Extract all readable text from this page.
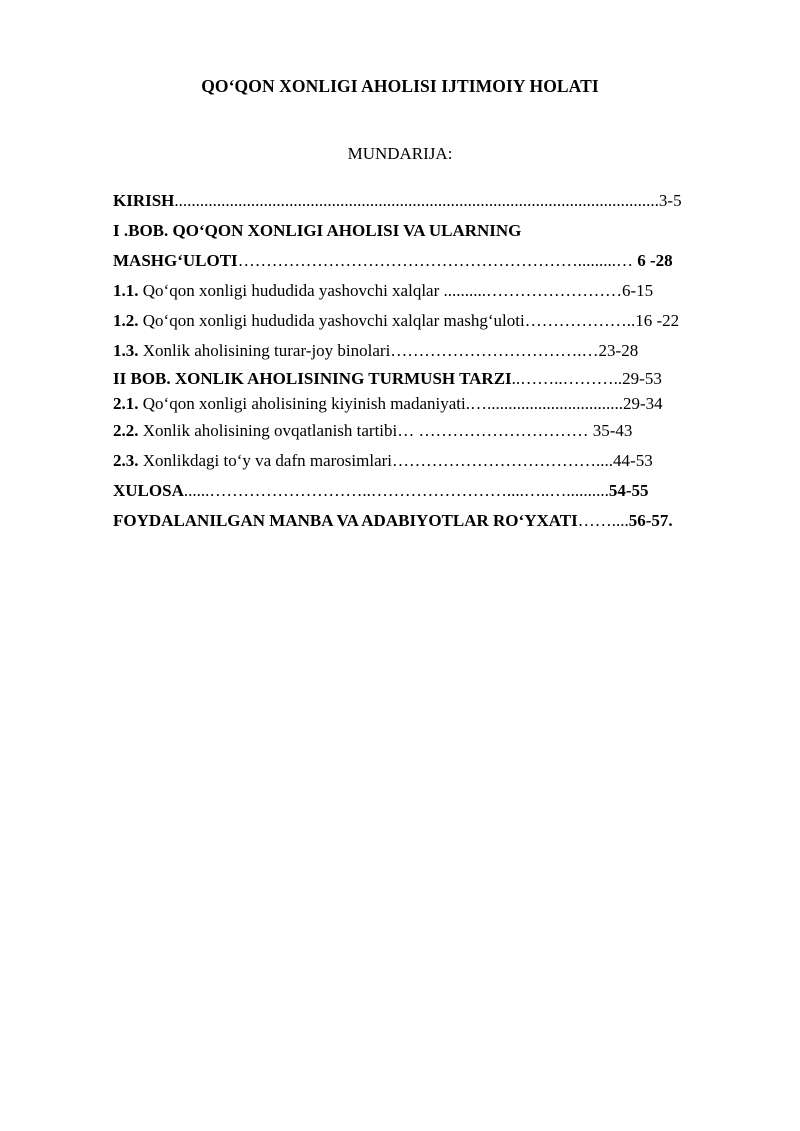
QO‘QON XONLIGI AHOLISI IJTIMOIY HOLATI
MUNDARIJA:
KIRISH..................................................................................................................3-5
I .BOB. QO‘QON XONLIGI AHOLISI VA ULARNING
MASHG‘ULOTI…………………………………………………….........… 6 -28
1.1. Qo‘qon xonligi hududida yashovchi xalqlar ..........……………………6-15
1.2. Qo‘qon xonligi hududida yashovchi xalqlar mashg‘uloti………………..16 -22
1.3. Xonlik aholisining turar-joy binolari…………………………….…23-28
II BOB. XONLIK AHOLISINING TURMUSH TARZI..……..………..29-53
2.1. Qo‘qon xonligi aholisining kiyinish madaniyati.…................................29-34
2.2. Xonlik aholisining ovqatlanish tartibi… ………………………… 35-43
2.3. Xonlikdagi to‘y va dafn marosimlari………………………………....44-53
XULOSA......………………………..……………………....…..…..........54-55
FOYDALANILGAN MANBA VA ADABIYOTLAR RO‘YXATI……....56-57.
